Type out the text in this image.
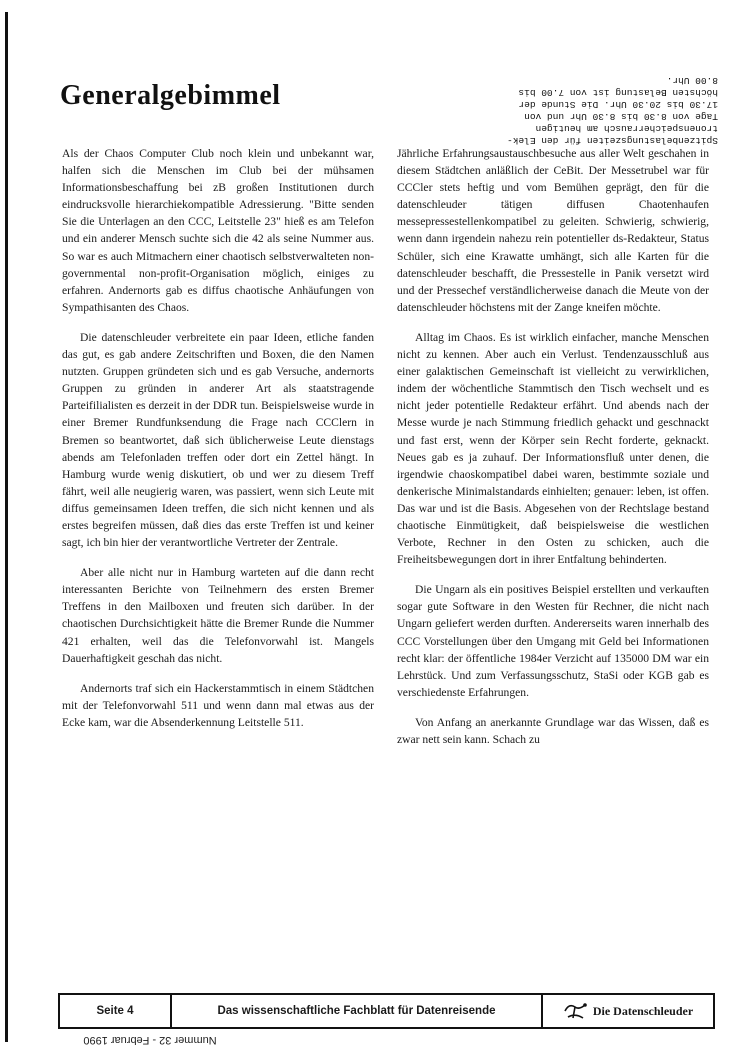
Spitzenbelastungszeiten für den Elek-
tronenspeicherrausch am heutigen
Tage von 8.30 bis 8.30 Uhr und von
17.30 bis 20.30 Uhr. Die Stunde der
höchsten Belastung ist von 7.00 bis
8.00 Uhr.
Generalgebimmel

Als der Chaos Computer Club noch klein und unbekannt war, halfen sich die Menschen im Club bei der mühsamen Informationsbeschaffung bei zB großen Institutionen durch eindrucksvolle hierarchiekompatible Adressierung. "Bitte senden Sie die Unterlagen an den CCC, Leitstelle 23" hieß es am Telefon und ein anderer Mensch suchte sich die 42 als seine Nummer aus. So war es auch Mitmachern einer chaotisch selbstverwalteten non-governmental non-profit-Organisation möglich, einiges zu erfahren. Andernorts gab es diffus chaotische Anhäufungen von Sympathisanten des Chaos.

Die datenschleuder verbreitete ein paar Ideen, etliche fanden das gut, es gab andere Zeitschriften und Boxen, die den Namen nutzten. Gruppen gründeten sich und es gab Versuche, andernorts Gruppen zu gründen in anderer Art als staatstragende Parteifilialisten es derzeit in der DDR tun. Beispielsweise wurde in einer Bremer Rundfunksendung die Frage nach CCClern in Bremen so beantwortet, daß sich üblicherweise Leute dienstags abends am Telefonladen treffen oder dort ein Zettel hängt. In Hamburg wurde wenig diskutiert, ob und wer zu diesem Treff fährt, weil alle neugierig waren, was passiert, wenn sich Leute mit diffus gemeinsamen Ideen treffen, die sich nicht kennen und als erstes begreifen müssen, daß dies das erste Treffen ist und keiner sagt, ich bin hier der verantwortliche Vertreter der Zentrale.

Aber alle nicht nur in Hamburg warteten auf die dann recht interessanten Berichte von Teilnehmern des ersten Bremer Treffens in den Mailboxen und freuten sich darüber. In der chaotischen Durchsichtigkeit hätte die Bremer Runde die Nummer 421 erhalten, weil das die Telefonvorwahl ist. Mangels Dauerhaftigkeit geschah das nicht.

Andernorts traf sich ein Hackerstammtisch in einem Städtchen mit der Telefonvorwahl 511 und wenn dann mal etwas aus der Ecke kam, war die Absenderkennung Leitstelle 511.

Jährliche Erfahrungsaustauschbesuche aus aller Welt geschahen in diesem Städtchen anläßlich der CeBit. Der Messetrubel war für CCCler stets heftig und vom Bemühen geprägt, den für die datenschleuder tätigen diffusen Chaotenhaufen messepressestellenkompatibel zu geleiten. Schwierig, schwierig, wenn dann irgendein nahezu rein potentieller ds-Redakteur, Status Schüler, sich eine Krawatte umhängt, sich alle Karten für die datenschleuder beschafft, die Pressestelle in Panik versetzt wird und der Pressechef verständlicherweise danach die Meute von der datenschleuder höchstens mit der Zange kneifen möchte.

Alltag im Chaos. Es ist wirklich einfacher, manche Menschen nicht zu kennen. Aber auch ein Verlust. Tendenzausschluß aus einer galaktischen Gemeinschaft ist vielleicht zu verwirklichen, indem der wöchentliche Stammtisch den Tisch wechselt und es nicht jeder potentielle Redakteur erfährt. Und abends nach der Messe wurde je nach Stimmung friedlich gehackt und geschnackt und fast erst, wenn der Körper sein Recht forderte, geknackt. Neues gab es ja zuhauf. Der Informationsfluß unter denen, die irgendwie chaoskompatibel dabei waren, bestimmte soziale und denkerische Minimalstandards einhielten; genauer: leben, ist offen. Das war und ist die Basis. Abgesehen von der Rechtslage bestand chaotische Einmütigkeit, daß beispielsweise die westlichen Verbote, Rechner in den Osten zu schicken, auch die Freiheitsbewegungen dort in ihrer Entfaltung behinderten.

Die Ungarn als ein positives Beispiel erstellten und verkauften sogar gute Software in den Westen für Rechner, die nicht nach Ungarn geliefert werden durften. Andererseits waren innerhalb des CCC Vorstellungen über den Umgang mit Geld bei Informationen recht klar: der öffentliche 1984er Verzicht auf 135000 DM war ein Lehrstück. Und zum Verfassungsschutz, StaSi oder KGB gab es verschiedenste Erfahrungen.

Von Anfang an anerkannte Grundlage war das Wissen, daß es zwar nett sein kann. Schach zu

Seite 4	Das wissenschaftliche Fachblatt für Datenreisende	Die Datenschleuder
Nummer 32 - Februar 1990
